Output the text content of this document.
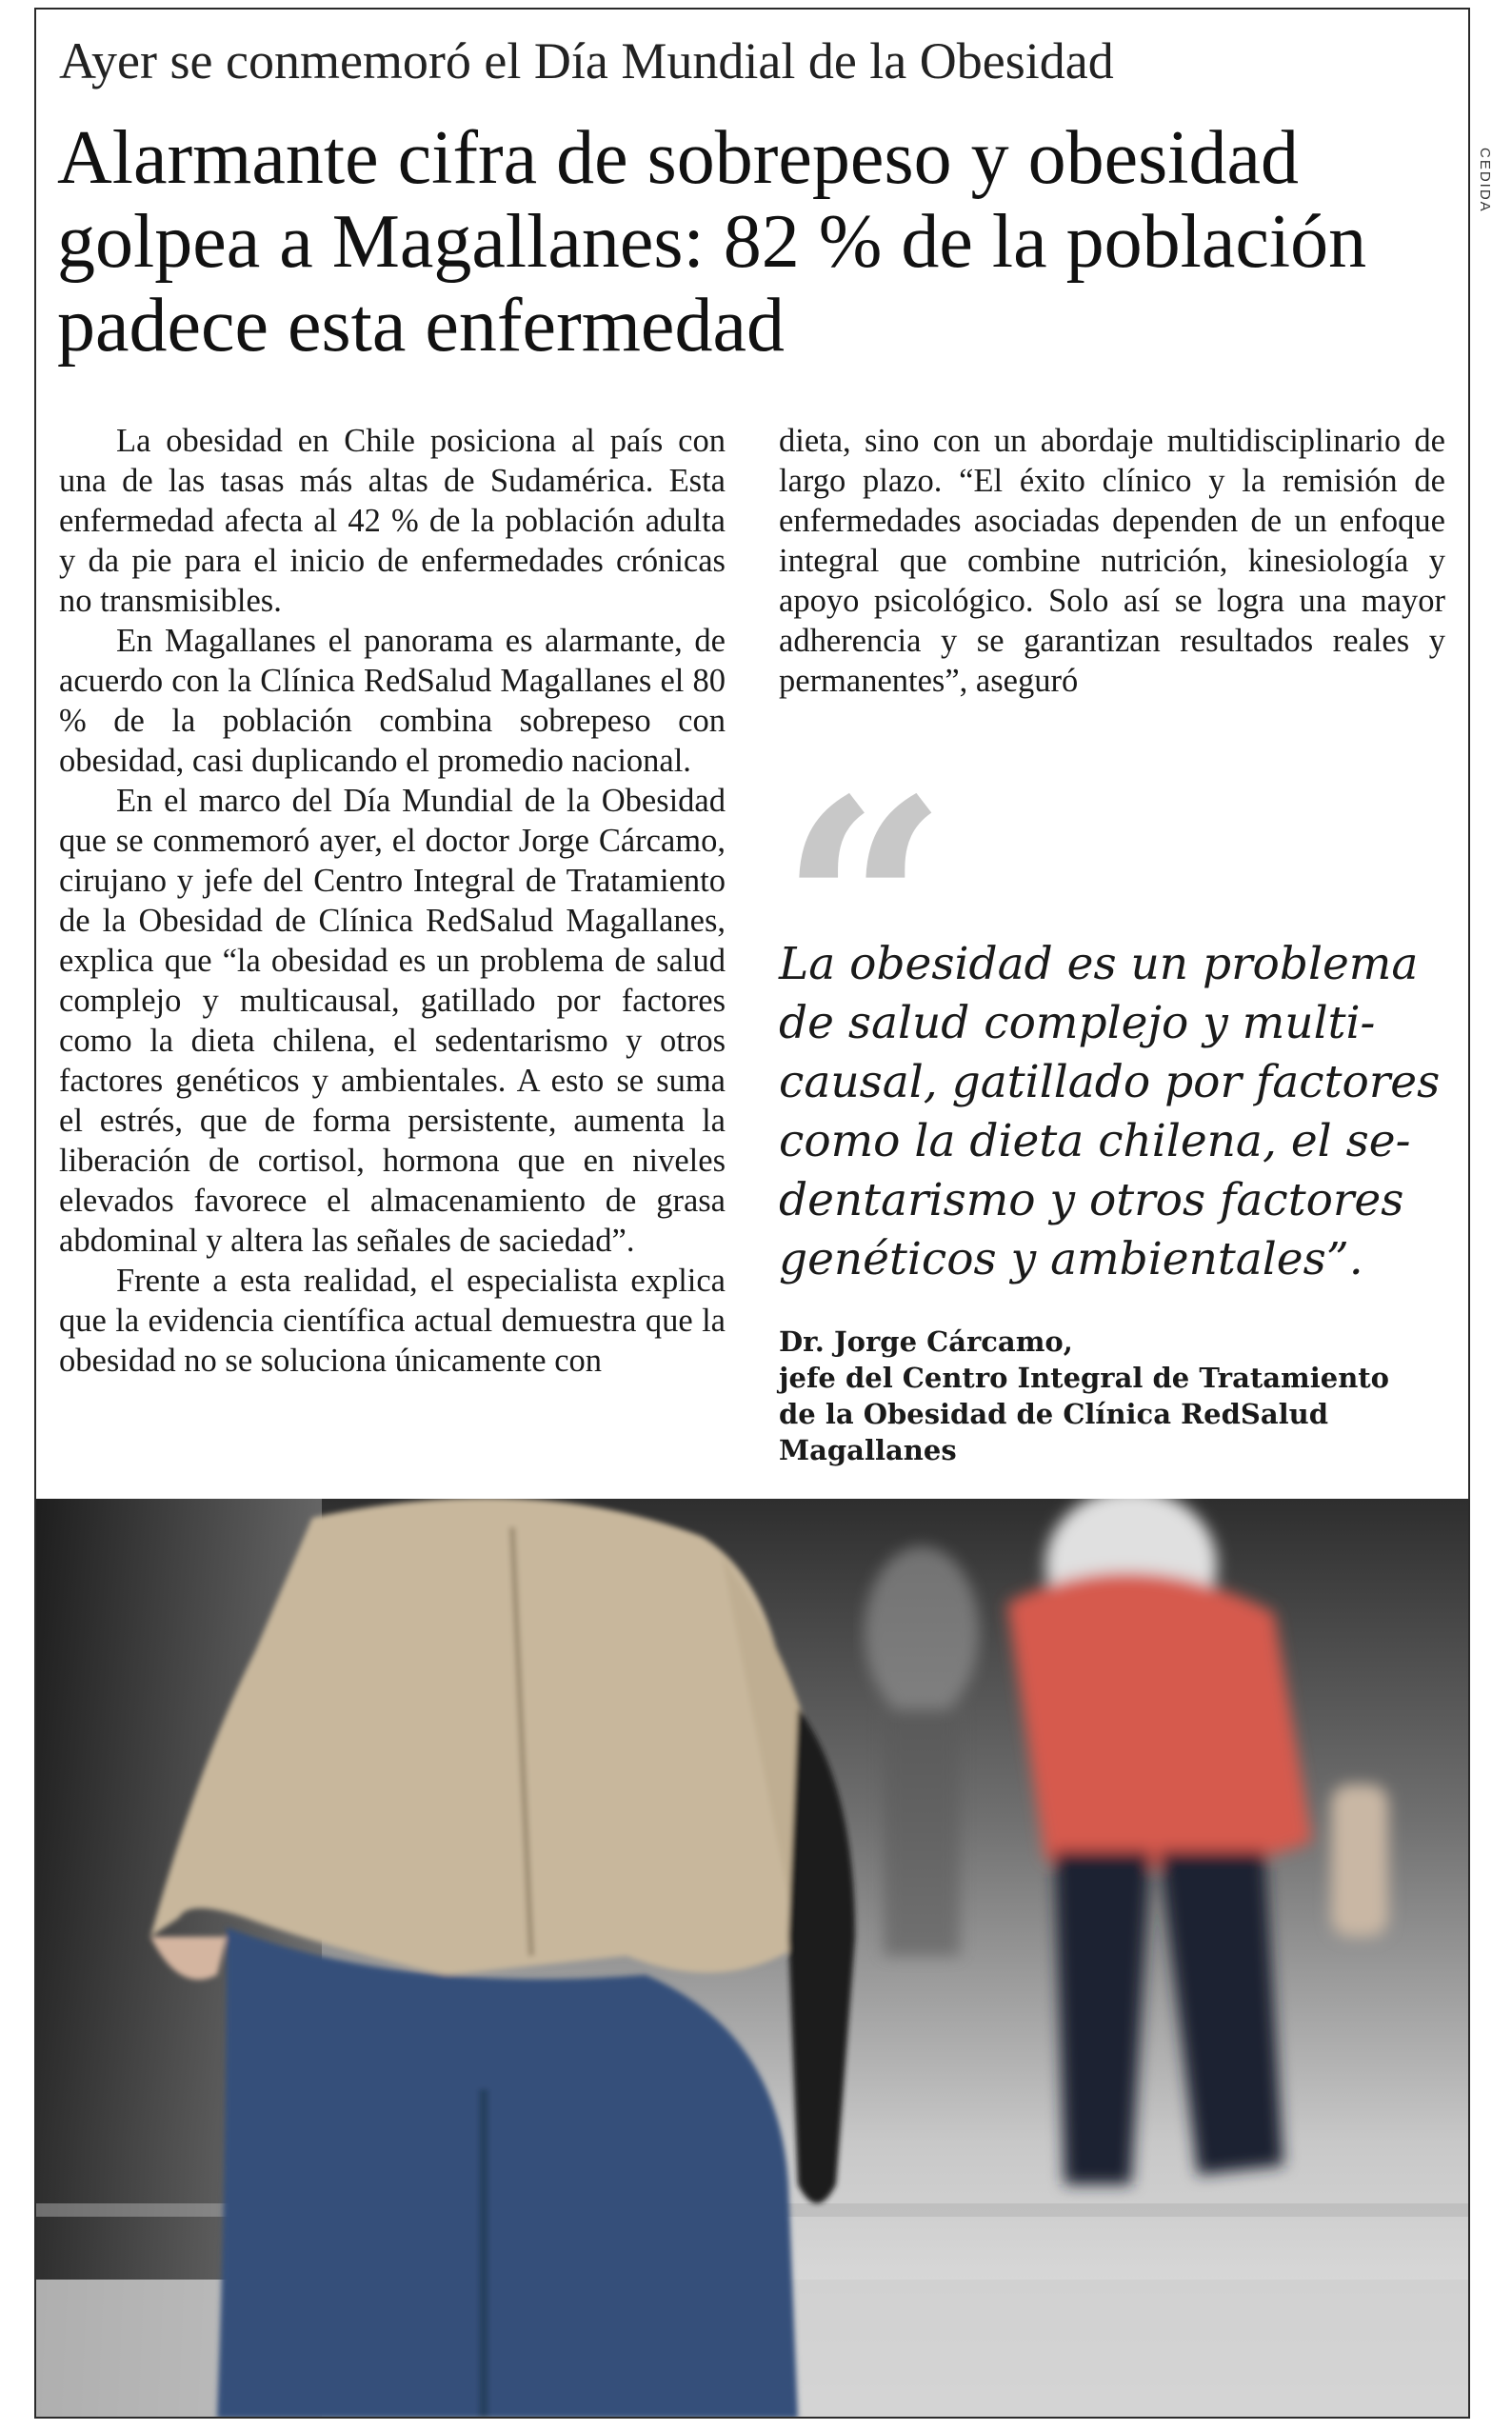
CEDIDA
Ayer se conmemoró el Día Mundial de la Obesidad
Alarmante cifra de sobrepeso y obesidad golpea a Magallanes: 82 % de la población padece esta enfermedad

La obesidad en Chile posiciona al país con una de las tasas más altas de Sudamérica. Esta enfermedad afecta al 42 % de la población adulta y da pie para el inicio de enfermedades crónicas no transmisibles.

En Magallanes el panorama es alarmante, de acuerdo con la Clínica RedSalud Magallanes el 80 % de la población combina sobrepeso con obesidad, casi duplicando el promedio nacional.

En el marco del Día Mundial de la Obesidad que se conmemoró ayer, el doctor Jorge Cárcamo, cirujano y jefe del Centro Integral de Tratamiento de la Obesidad de Clínica RedSalud Magallanes, explica que “la obesidad es un problema de salud complejo y multicausal, gatillado por factores como la dieta chilena, el sedentarismo y otros factores genéticos y ambientales. A esto se suma el estrés, que de forma persistente, aumenta la liberación de cortisol, hormona que en niveles elevados favorece el almacenamiento de grasa abdominal y altera las señales de saciedad”.

Frente a esta realidad, el especialista explica que la evidencia científica actual demuestra que la obesidad no se soluciona únicamente con

dieta, sino con un abordaje multidisciplinario de largo plazo. “El éxito clínico y la remisión de enfermedades asociadas dependen de un enfoque integral que combine nutrición, kinesiología y apoyo psicológico. Solo así se logra una mayor adherencia y se garantizan resultados reales y permanentes”, aseguró

“
La obesidad es un problema de salud complejo y multicausal, gatillado por factores como la dieta chilena, el sedentarismo y otros factores genéticos y ambientales”.
Dr. Jorge Cárcamo,
jefe del Centro Integral de Tratamiento
de la Obesidad de Clínica RedSalud
Magallanes
